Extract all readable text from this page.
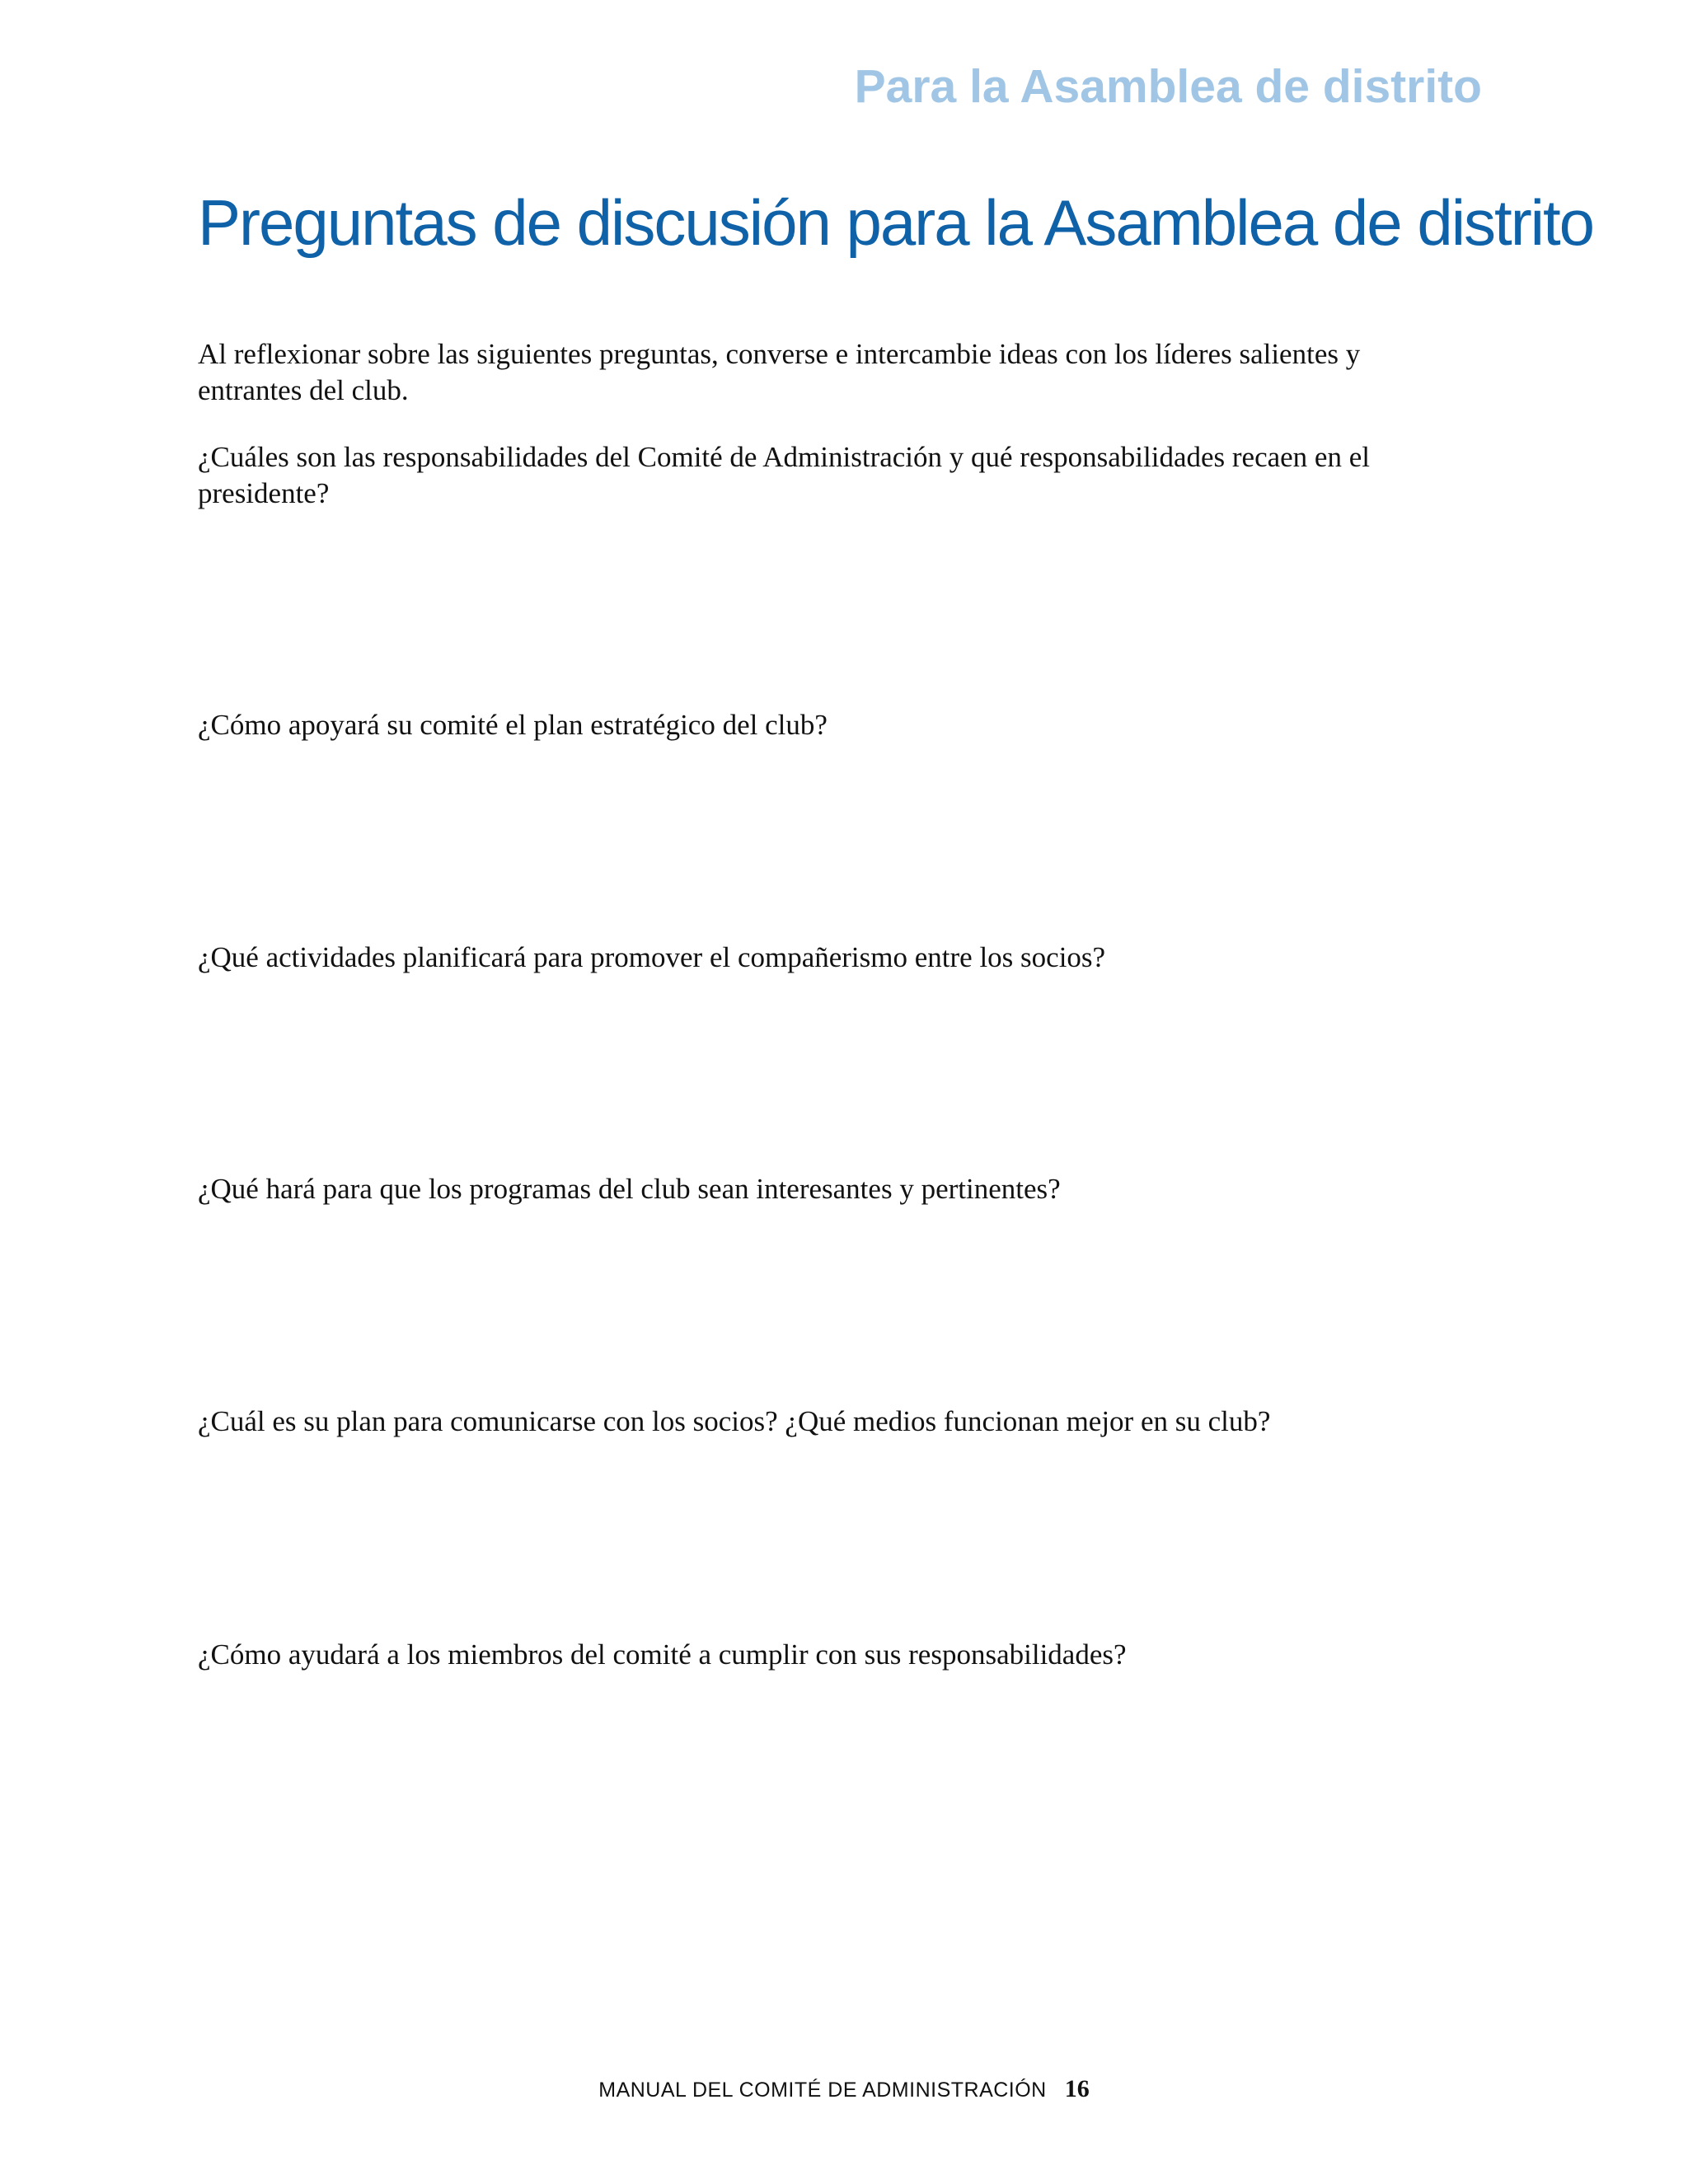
Para la Asamblea de distrito
Preguntas de discusión para la Asamblea de distrito

Al reflexionar sobre las siguientes preguntas, converse e intercambie ideas con los líderes salientes y entrantes del club.

¿Cuáles son las responsabilidades del Comité de Administración y qué responsabilidades recaen en el presidente?

¿Cómo apoyará su comité el plan estratégico del club?

¿Qué actividades planificará para promover el compañerismo entre los socios?

¿Qué hará para que los programas del club sean interesantes y pertinentes?

¿Cuál es su plan para comunicarse con los socios? ¿Qué medios funcionan mejor en su club?

¿Cómo ayudará a los miembros del comité a cumplir con sus responsabilidades?

MANUAL DEL COMITÉ DE ADMINISTRACIÓN 16
